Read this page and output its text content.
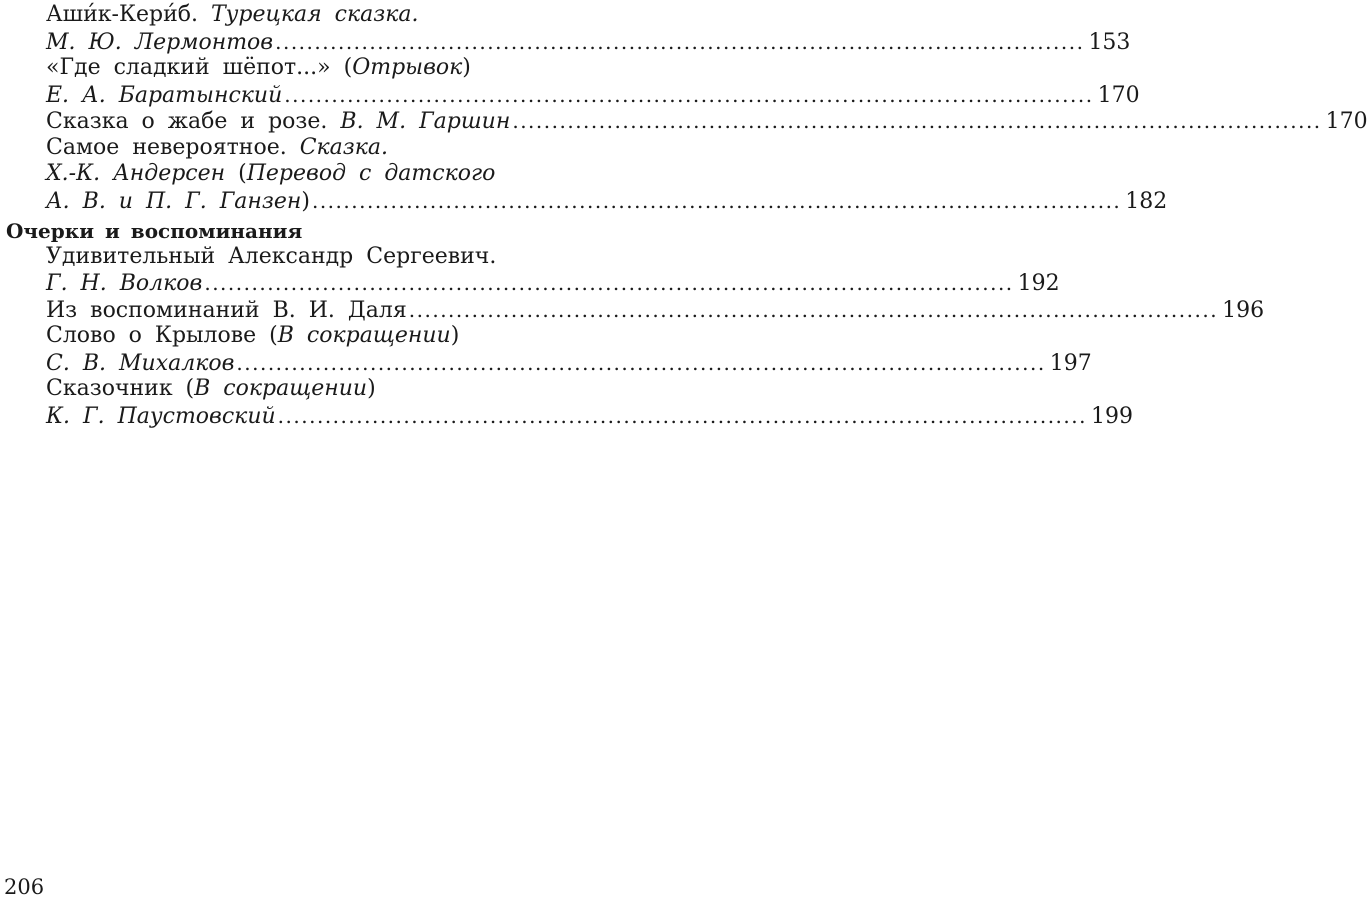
Аши́к-Кери́б. Турецкая сказка.
М. Ю. Лермонтов ....................................................................................................... 153
«Где сладкий шёпот...» (Отрывок)
Е. А. Баратынский ....................................................................................................... 170
Сказка о жабе и розе. В. М. Гаршин ....................................................................................................... 170
Самое невероятное. Сказка.
Х.-К. Андерсен (Перевод с датского
А. В. и П. Г. Ганзен) ....................................................................................................... 182
Очерки и воспоминания
Удивительный Александр Сергеевич.
Г. Н. Волков ....................................................................................................... 192
Из воспоминаний В. И. Даля ....................................................................................................... 196
Слово о Крылове (В сокращении)
С. В. Михалков ....................................................................................................... 197
Сказочник (В сокращении)
К. Г. Паустовский ....................................................................................................... 199
206
